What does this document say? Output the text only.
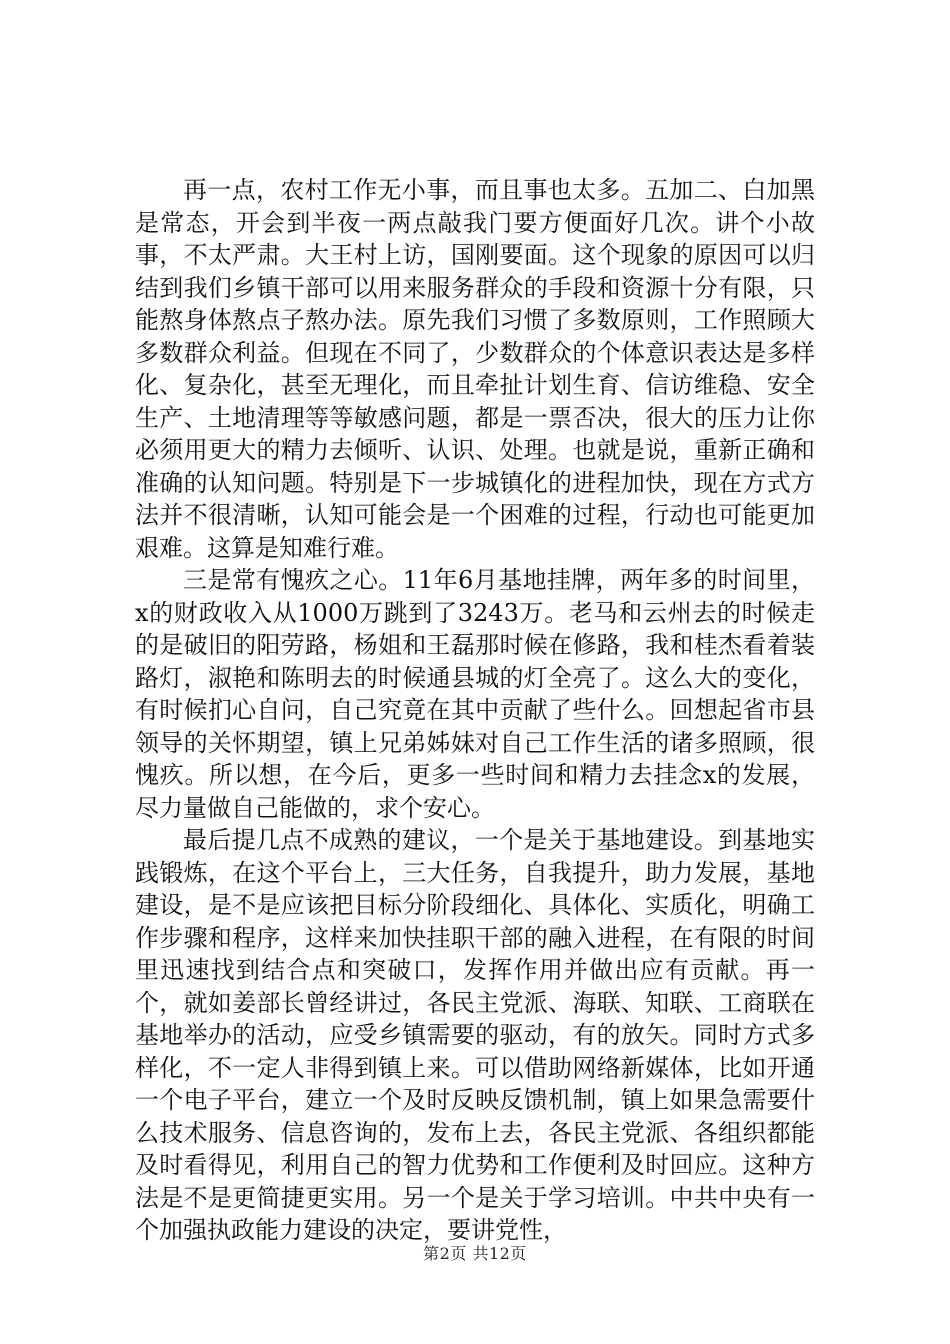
再一点，农村工作无小事，而且事也太多。五加二、白加黑是常态，开会到半夜一两点敲我门要方便面好几次。讲个小故事，不太严肃。大王村上访，国刚要面。这个现象的原因可以归结到我们乡镇干部可以用来服务群众的手段和资源十分有限，只能熬身体熬点子熬办法。原先我们习惯了多数原则，工作照顾大多数群众利益。但现在不同了，少数群众的个体意识表达是多样化、复杂化，甚至无理化，而且牵扯计划生育、信访维稳、安全生产、土地清理等等敏感问题，都是一票否决，很大的压力让你必须用更大的精力去倾听、认识、处理。也就是说，重新正确和准确的认知问题。特别是下一步城镇化的进程加快，现在方式方法并不很清晰，认知可能会是一个困难的过程，行动也可能更加艰难。这算是知难行难。

三是常有愧疚之心。11年6月基地挂牌，两年多的时间里，x的财政收入从1000万跳到了3243万。老马和云州去的时候走的是破旧的阳劳路，杨姐和王磊那时候在修路，我和桂杰看着装路灯，淑艳和陈明去的时候通县城的灯全亮了。这么大的变化，有时候扪心自问，自己究竟在其中贡献了些什么。回想起省市县领导的关怀期望，镇上兄弟姊妹对自己工作生活的诸多照顾，很愧疚。所以想，在今后，更多一些时间和精力去挂念x的发展，尽力量做自己能做的，求个安心。

最后提几点不成熟的建议，一个是关于基地建设。到基地实践锻炼，在这个平台上，三大任务，自我提升，助力发展，基地建设，是不是应该把目标分阶段细化、具体化、实质化，明确工作步骤和程序，这样来加快挂职干部的融入进程，在有限的时间里迅速找到结合点和突破口，发挥作用并做出应有贡献。再一个，就如姜部长曾经讲过，各民主党派、海联、知联、工商联在基地举办的活动，应受乡镇需要的驱动，有的放矢。同时方式多样化，不一定人非得到镇上来。可以借助网络新媒体，比如开通一个电子平台，建立一个及时反映反馈机制，镇上如果急需要什么技术服务、信息咨询的，发布上去，各民主党派、各组织都能及时看得见，利用自己的智力优势和工作便利及时回应。这种方法是不是更简捷更实用。另一个是关于学习培训。中共中央有一个加强执政能力建设的决定，要讲党性，

第2页 共12页
